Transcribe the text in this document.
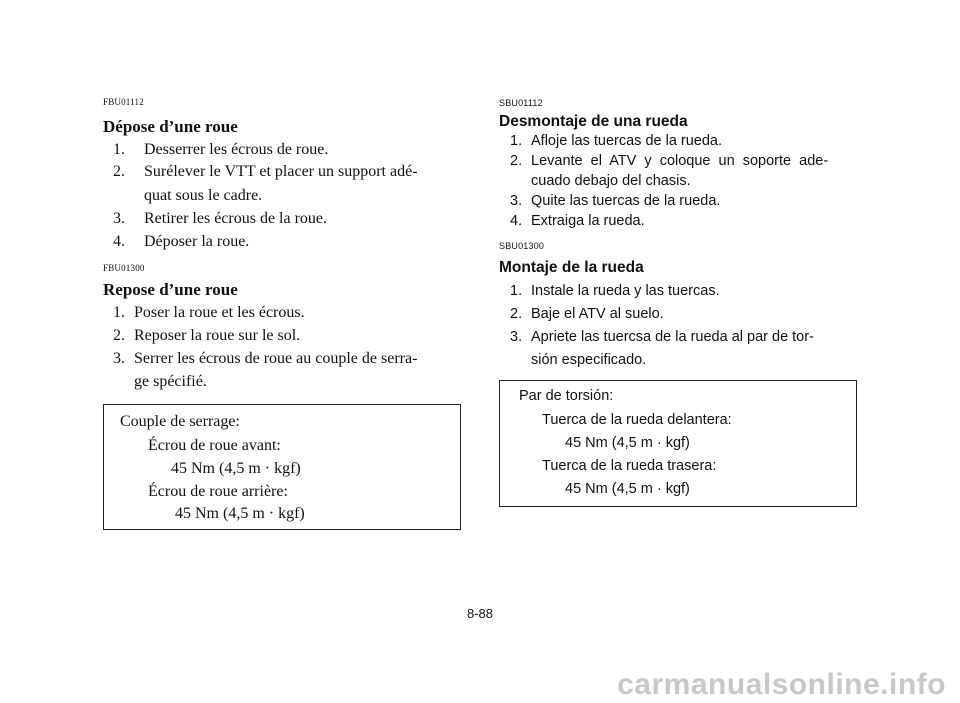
FBU01112
Dépose d’une roue
1. Desserrer les écrous de roue.
2. Surélever le VTT et placer un support adé-
quat sous le cadre.
3. Retirer les écrous de la roue.
4. Déposer la roue.
FBU01300
Repose d’une roue
1. Poser la roue et les écrous.
2. Reposer la roue sur le sol.
3. Serrer les écrous de roue au couple de serra-
ge spécifié.
Couple de serrage:
Écrou de roue avant:
45 Nm (4,5 m · kgf)
Écrou de roue arrière:
45 Nm (4,5 m · kgf)
SBU01112
Desmontaje de una rueda
1. Afloje las tuercas de la rueda.
2. Levante  el  ATV  y  coloque  un  soporte  ade-
cuado debajo del chasis.
3. Quite las tuercas de la rueda.
4. Extraiga la rueda.
SBU01300
Montaje de la rueda
1. Instale la rueda y las tuercas.
2. Baje el ATV al suelo.
3. Apriete las tuercsa de la rueda al par de tor-
sión especificado.
Par de torsión:
Tuerca de la rueda delantera:
45 Nm (4,5 m · kgf)
Tuerca de la rueda trasera:
45 Nm (4,5 m · kgf)
8-88
carmanualsonline.info
